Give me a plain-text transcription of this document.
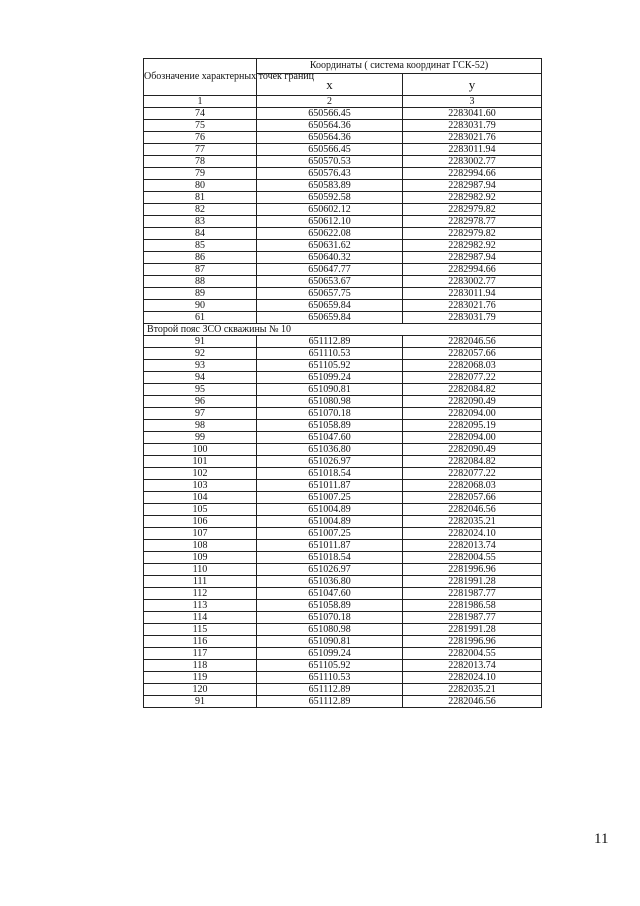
Обозначение характерных точек границ	Координаты ( система координат ГСК-52)	
	x	y
1	2	3
74	650566.45	2283041.60
75	650564.36	2283031.79
76	650564.36	2283021.76
77	650566.45	2283011.94
78	650570.53	2283002.77
79	650576.43	2282994.66
80	650583.89	2282987.94
81	650592.58	2282982.92
82	650602.12	2282979.82
83	650612.10	2282978.77
84	650622.08	2282979.82
85	650631.62	2282982.92
86	650640.32	2282987.94
87	650647.77	2282994.66
88	650653.67	2283002.77
89	650657.75	2283011.94
90	650659.84	2283021.76
61	650659.84	2283031.79
Второй пояс ЗСО скважины № 10		
91	651112.89	2282046.56
92	651110.53	2282057.66
93	651105.92	2282068.03
94	651099.24	2282077.22
95	651090.81	2282084.82
96	651080.98	2282090.49
97	651070.18	2282094.00
98	651058.89	2282095.19
99	651047.60	2282094.00
100	651036.80	2282090.49
101	651026.97	2282084.82
102	651018.54	2282077.22
103	651011.87	2282068.03
104	651007.25	2282057.66
105	651004.89	2282046.56
106	651004.89	2282035.21
107	651007.25	2282024.10
108	651011.87	2282013.74
109	651018.54	2282004.55
110	651026.97	2281996.96
111	651036.80	2281991.28
112	651047.60	2281987.77
113	651058.89	2281986.58
114	651070.18	2281987.77
115	651080.98	2281991.28
116	651090.81	2281996.96
117	651099.24	2282004.55
118	651105.92	2282013.74
119	651110.53	2282024.10
120	651112.89	2282035.21
91	651112.89	2282046.56
11
